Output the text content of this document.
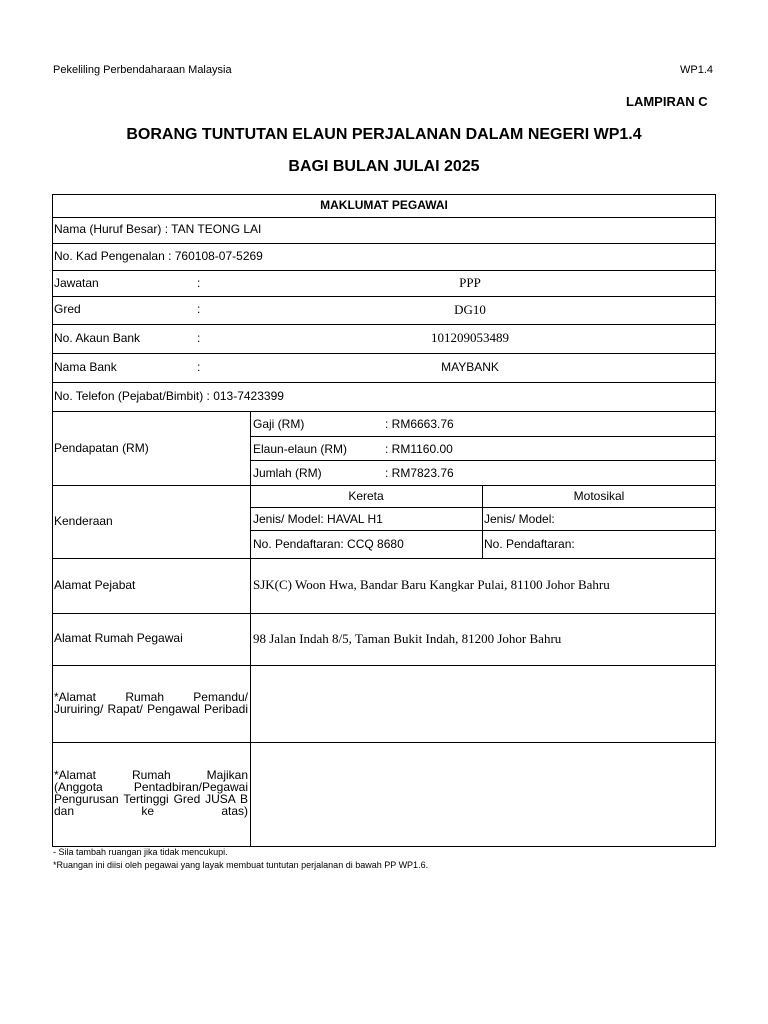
Pekeliling Perbendaharaan Malaysia	WP1.4
LAMPIRAN C
BORANG TUNTUTAN ELAUN PERJALANAN DALAM NEGERI WP1.4
BAGI BULAN JULAI 2025
MAKLUMAT PEGAWAI
Nama (Huruf Besar) : TAN TEONG LAI
No. Kad Pengenalan : 760108-07-5269
Jawatan	:	PPP
Gred	:	DG10
No. Akaun Bank	:	101209053489
Nama Bank	:	MAYBANK
No. Telefon (Pejabat/Bimbit) : 013-7423399
Pendapatan (RM)
Gaji (RM)	: RM6663.76
Elaun-elaun (RM)	: RM1160.00
Jumlah (RM)	: RM7823.76
Kenderaan
Kereta	Motosikal
Jenis/ Model: HAVAL H1	Jenis/ Model:
No. Pendaftaran: CCQ 8680	No. Pendaftaran:
Alamat Pejabat	SJK(C) Woon Hwa, Bandar Baru Kangkar Pulai, 81100 Johor Bahru
Alamat Rumah Pegawai	98 Jalan Indah 8/5, Taman Bukit Indah, 81200 Johor Bahru
*Alamat Rumah Pemandu/
Juruiring/ Rapat/ Pengawal Peribadi
*Alamat Rumah Majikan
(Anggota Pentadbiran/Pegawai
Pengurusan Tertinggi Gred JUSA B
dan ke atas)
- Sila tambah ruangan jika tidak mencukupi.
*Ruangan ini diisi oleh pegawai yang layak membuat tuntutan perjalanan di bawah PP WP1.6.
